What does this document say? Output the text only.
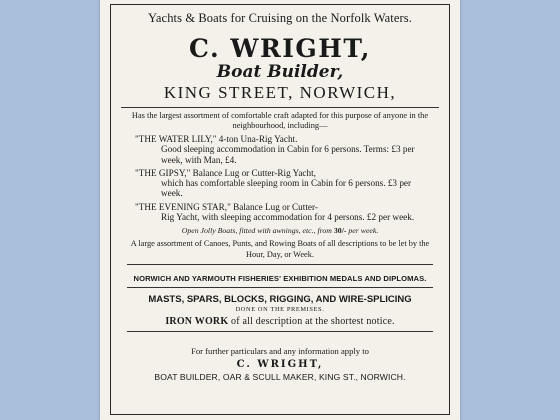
Yachts & Boats for Cruising on the Norfolk Waters.
C. WRIGHT,
Boat Builder,
KING STREET, NORWICH,
Has the largest assortment of comfortable craft adapted for this purpose of anyone in the neighbourhood, including—
"THE WATER LILY," 4-ton Una-Rig Yacht.
Good sleeping accommodation in Cabin for 6 persons. Terms: £3 per week, with Man, £4.
"THE GIPSY," Balance Lug or Cutter-Rig Yacht,
which has comfortable sleeping room in Cabin for 6 persons. £3 per week.
"THE EVENING STAR," Balance Lug or Cutter-
Rig Yacht, with sleeping accommodation for 4 persons. £2 per week.
Open Jolly Boats, fitted with awnings, etc., from 30/- per week.
A large assortment of Canoes, Punts, and Rowing Boats of all descriptions to be let by the Hour, Day, or Week.
NORWICH AND YARMOUTH FISHERIES' EXHIBITION MEDALS AND DIPLOMAS.
MASTS, SPARS, BLOCKS, RIGGING, AND WIRE-SPLICING
DONE ON THE PREMISES.
IRON WORK of all description at the shortest notice.
For further particulars and any information apply to
C. WRIGHT,
BOAT BUILDER, OAR & SCULL MAKER, KING ST., NORWICH.
